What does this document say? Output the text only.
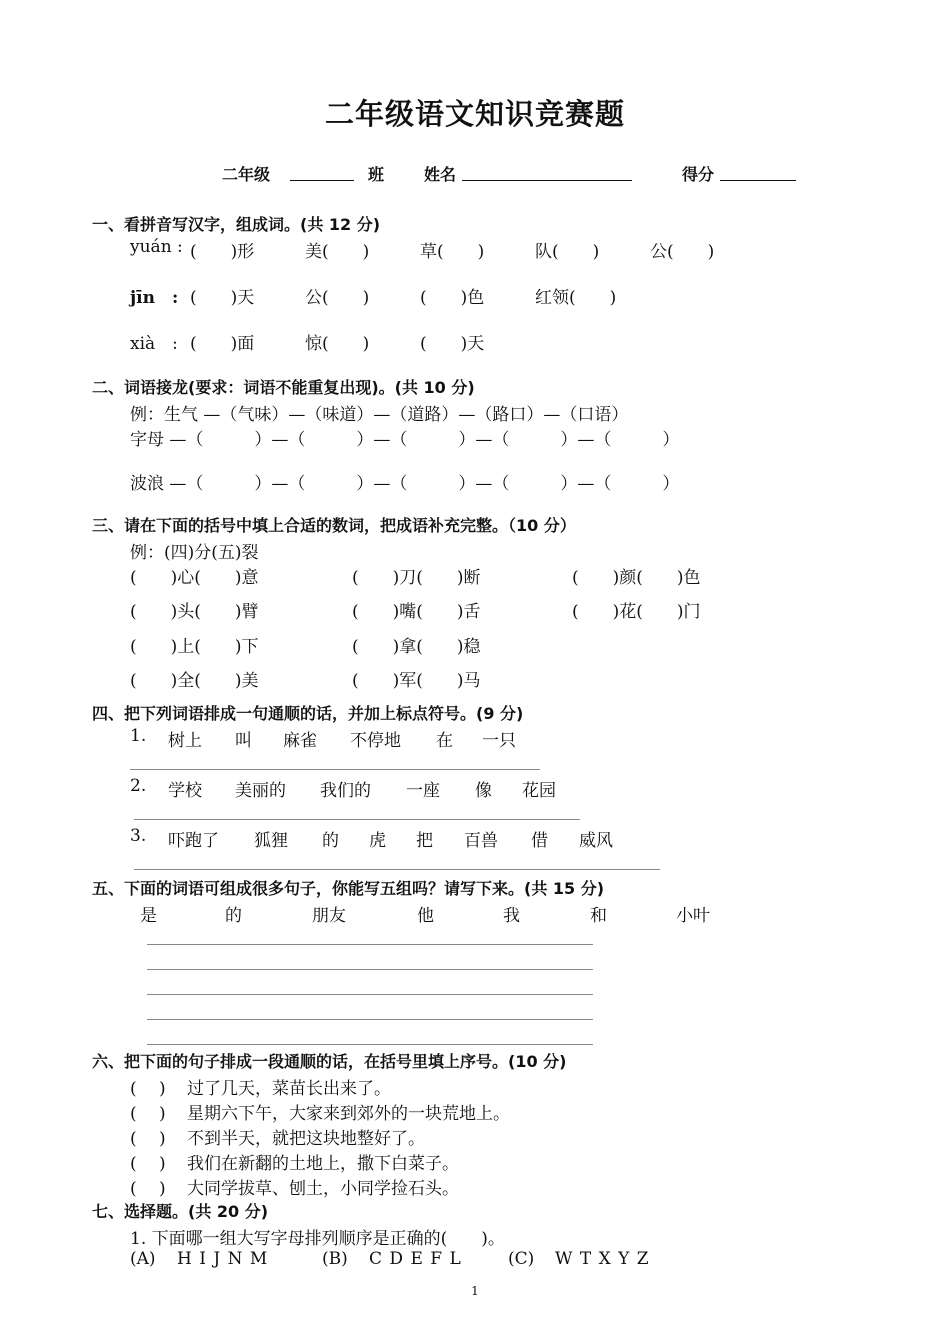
二年级语文知识竞赛题
二年级	班 姓名	得分
一、看拼音写汉字，组成词。(共 12 分)
yuán : (　　)形	美(　　)	草(　　)	队(　　)	公(　　)
jīn　: (　　)天	公(　　)	(　　)色	红领(　　)
xià　: (　　)面	惊(　　)	(　　)天
二、词语接龙(要求：词语不能重复出现)。(共 10 分)
例：生气 —（气味）—（味道）—（道路）—（路口）—（口语）
字母 —（　　　）—（　　　）—（　　　）—（　　　）—（　　　）
波浪 —（　　　）—（　　　）—（　　　）—（　　　）—（　　　）
三、请在下面的括号中填上合适的数词，把成语补充完整。（10 分）
例：(四)分(五)裂
(　　)心(　　)意	(　　)刀(　　)断	(　　)颜(　　)色
(　　)头(　　)臂	(　　)嘴(　　)舌	(　　)花(　　)门
(　　)上(　　)下	(　　)拿(　　)稳
(　　)全(　　)美	(　　)军(　　)马
四、把下列词语排成一句通顺的话，并加上标点符号。(9 分)
1. 树上 叫 麻雀 不停地 在 一只
2. 学校 美丽的 我们的 一座 像 花园
3. 吓跑了 狐狸 的 虎 把 百兽 借 威风
五、下面的词语可组成很多句子，你能写五组吗？请写下来。(共 15 分)
是	的	朋友	他	我	和	小叶
六、把下面的句子排成一段通顺的话，在括号里填上序号。(10 分)
(　 ) 过了几天，菜苗长出来了。
(　 ) 星期六下午，大家来到郊外的一块荒地上。
(　 ) 不到半天，就把这块地整好了。
(　 ) 我们在新翻的土地上，撒下白菜子。
(　 ) 大同学拔草、刨土，小同学捡石头。
七、选择题。(共 20 分)
1. 下面哪一组大写字母排列顺序是正确的(　　)。
(A) H I J N M	(B) C D E F L	(C) W T X Y Z
1
